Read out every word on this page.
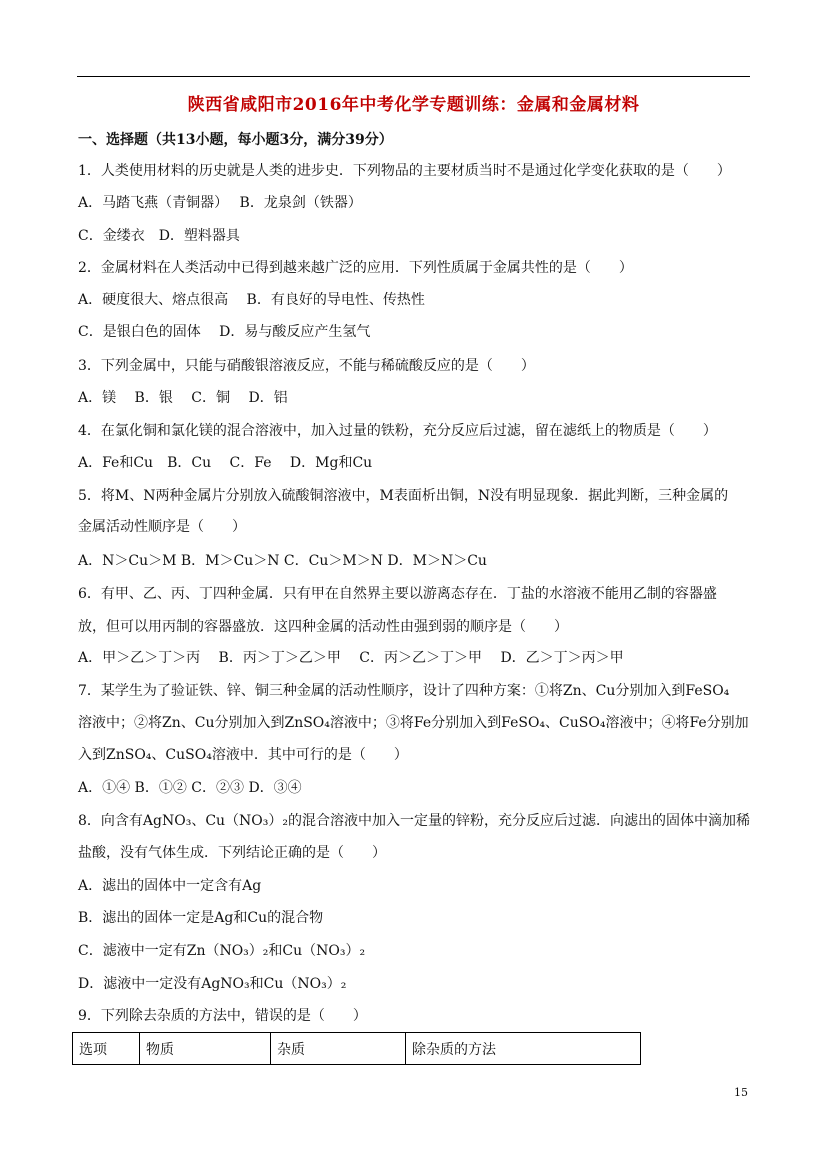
陕西省咸阳市2016年中考化学专题训练：金属和金属材料
一、选择题（共13小题，每小题3分，满分39分）
1．人类使用材料的历史就是人类的进步史．下列物品的主要材质当时不是通过化学变化获取的是（　　）
A．马踏飞燕（青铜器）　 B．龙泉剑（铁器）
C．金缕衣　D．塑料器具
2．金属材料在人类活动中已得到越来越广泛的应用．下列性质属于金属共性的是（　　）
A．硬度很大、熔点很高　 B．有良好的导电性、传热性
C．是银白色的固体　 D．易与酸反应产生氢气
3．下列金属中，只能与硝酸银溶液反应，不能与稀硫酸反应的是（　　）
A．镁　 B．银　 C．铜　 D．铝
4．在氯化铜和氯化镁的混合溶液中，加入过量的铁粉，充分反应后过滤，留在滤纸上的物质是（　　）
A．Fe和Cu　B．Cu　 C．Fe　 D．Mg和Cu
5．将M、N两种金属片分别放入硫酸铜溶液中，M表面析出铜，N没有明显现象．据此判断，三种金属的
金属活动性顺序是（　　）
A．N＞Cu＞M B．M＞Cu＞N C．Cu＞M＞N D．M＞N＞Cu
6．有甲、乙、丙、丁四种金属．只有甲在自然界主要以游离态存在．丁盐的水溶液不能用乙制的容器盛
放，但可以用丙制的容器盛放．这四种金属的活动性由强到弱的顺序是（　　）
A．甲＞乙＞丁＞丙　 B．丙＞丁＞乙＞甲　 C．丙＞乙＞丁＞甲　 D．乙＞丁＞丙＞甲
7．某学生为了验证铁、锌、铜三种金属的活动性顺序，设计了四种方案：①将Zn、Cu分别加入到FeSO₄
溶液中；②将Zn、Cu分别加入到ZnSO₄溶液中；③将Fe分别加入到FeSO₄、CuSO₄溶液中；④将Fe分别加
入到ZnSO₄、CuSO₄溶液中．其中可行的是（　　）
A．①④ B．①② C．②③ D．③④
8．向含有AgNO₃、Cu（NO₃）₂的混合溶液中加入一定量的锌粉，充分反应后过滤．向滤出的固体中滴加稀
盐酸，没有气体生成．下列结论正确的是（　　）
A．滤出的固体中一定含有Ag
B．滤出的固体一定是Ag和Cu的混合物
C．滤液中一定有Zn（NO₃）₂和Cu（NO₃）₂
D．滤液中一定没有AgNO₃和Cu（NO₃）₂
9．下列除去杂质的方法中，错误的是（　　）
选项	物质	杂质	除杂质的方法
15
